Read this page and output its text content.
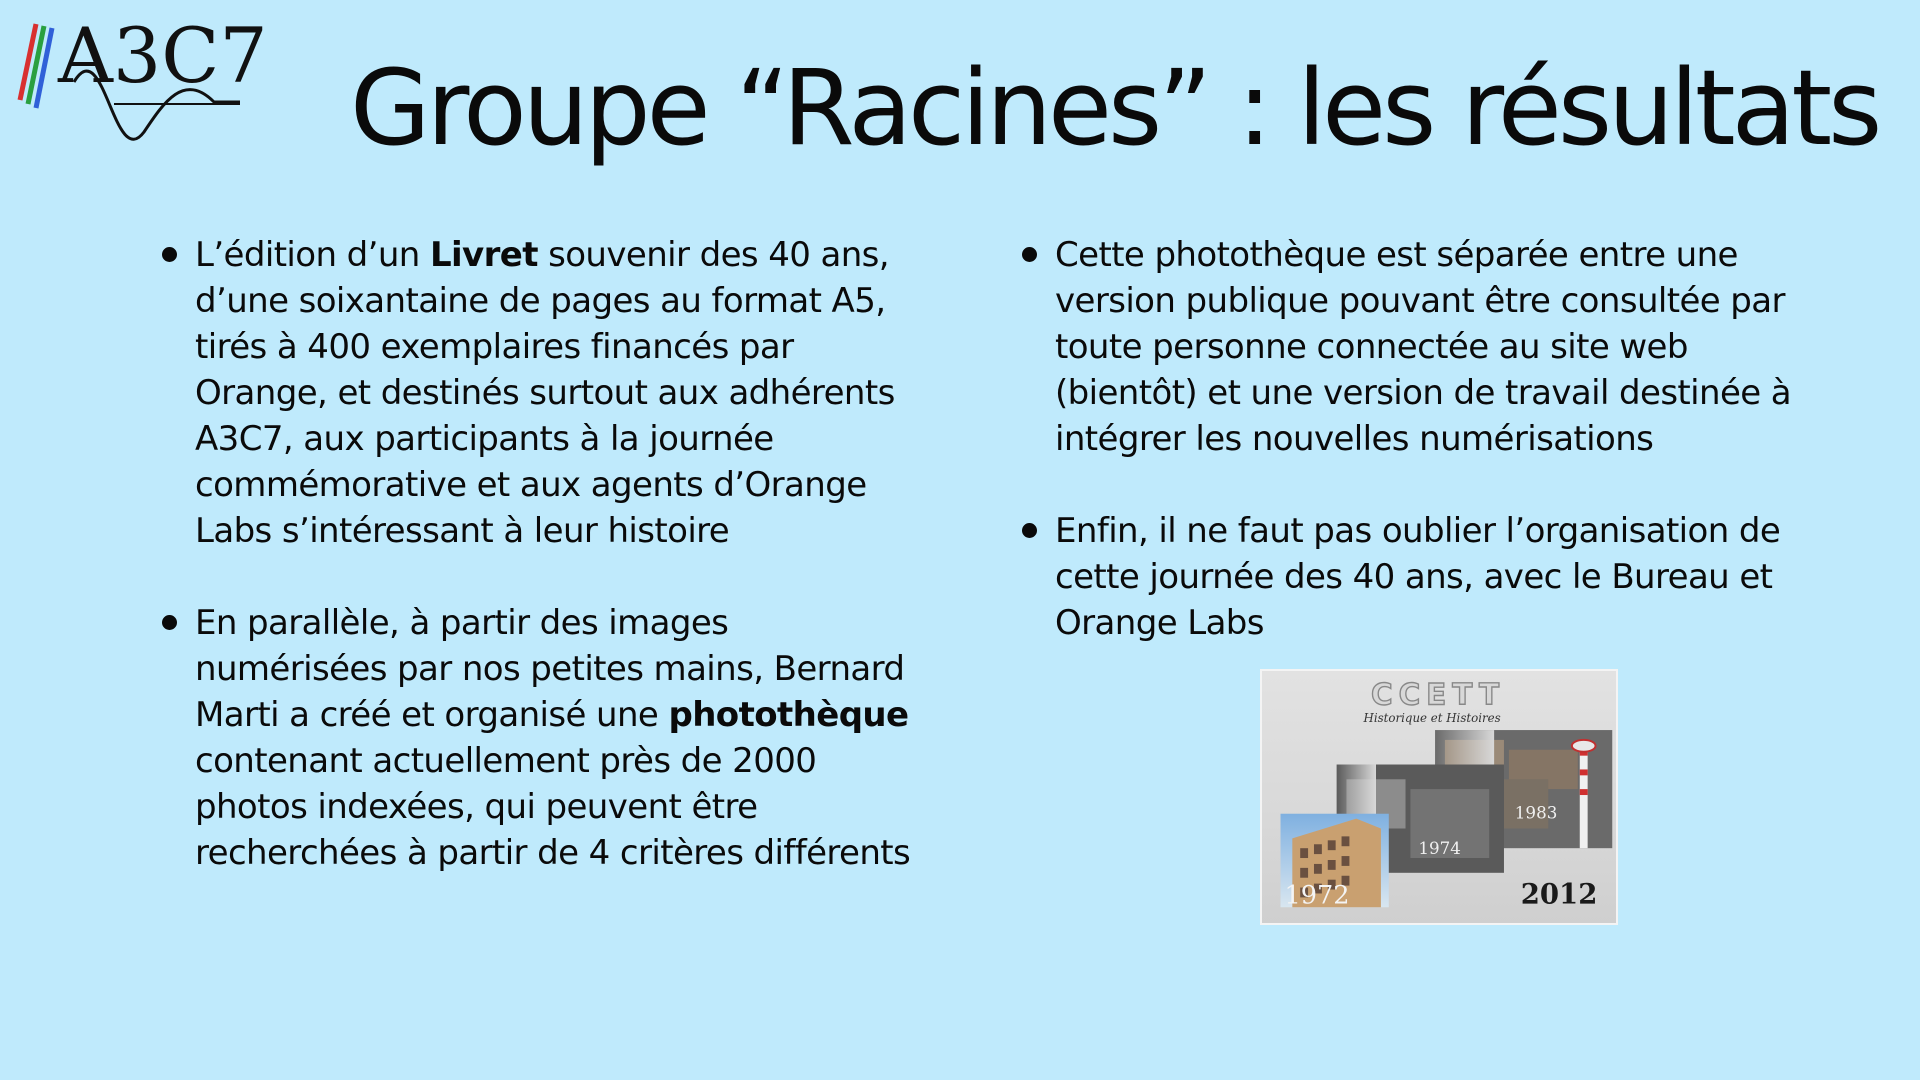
A3C7 Groupe “Racines” : les résultats
L’édition d’un Livret souvenir des 40 ans, d’une soixantaine de pages au format A5, tirés à 400 exemplaires financés par Orange, et destinés surtout aux adhérents A3C7, aux participants à la journée commémorative et aux agents d’Orange Labs s’intéressant à leur histoire
En parallèle, à partir des images numérisées par nos petites mains, Bernard Marti a créé et organisé une photothèque contenant actuellement près de 2000 photos indexées, qui peuvent être recherchées à partir de 4 critères différents
Cette photothèque est séparée entre une version publique pouvant être consultée par toute personne connectée au site web (bientôt) et une version de travail destinée à intégrer les nouvelles numérisations
Enfin, il ne faut pas oublier l’organisation de cette journée des 40 ans, avec le Bureau et Orange Labs
CCETT
Historique et Histoires
1972
1974
1983
2012
